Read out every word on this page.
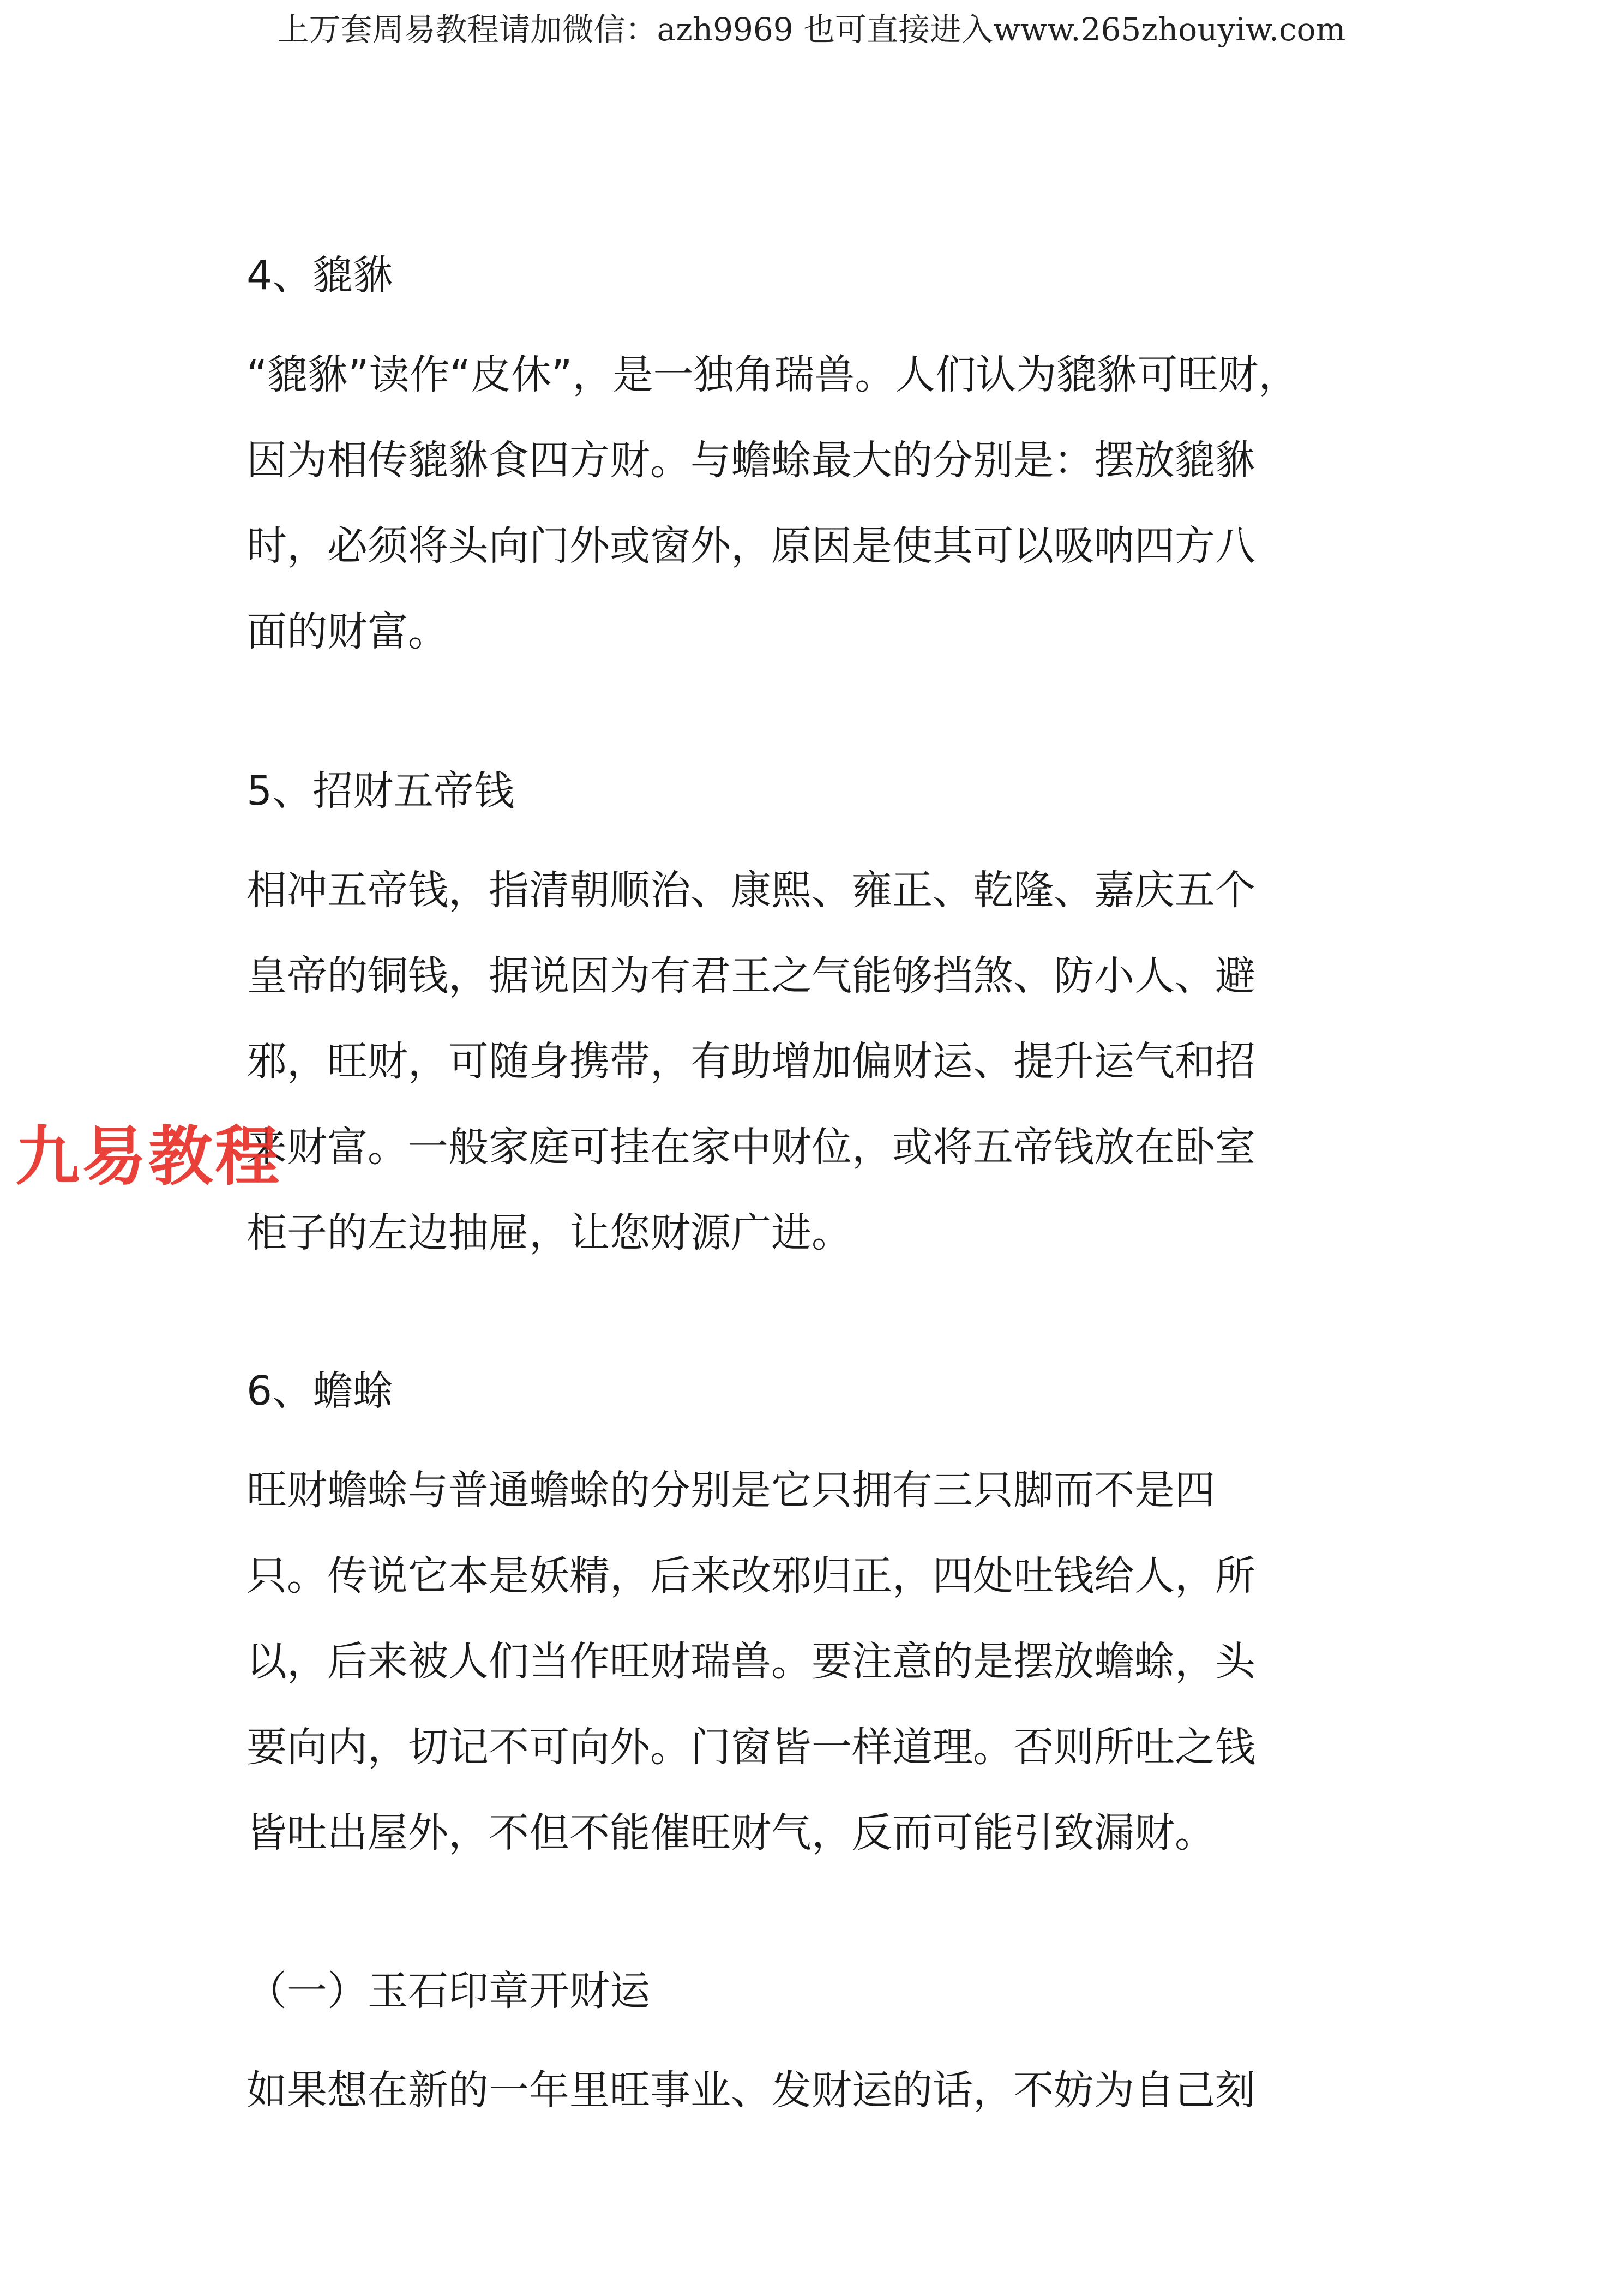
上万套周易教程请加微信：azh9969 也可直接进入www.265zhouyiw.com
4、貔貅

“貔貅”读作“皮休”，是一独角瑞兽。人们认为貔貅可旺财，
因为相传貔貅食四方财。与蟾蜍最大的分别是：摆放貔貅
时，必须将头向门外或窗外，原因是使其可以吸呐四方八
面的财富。

5、招财五帝钱

相冲五帝钱，指清朝顺治、康熙、雍正、乾隆、嘉庆五个
皇帝的铜钱，据说因为有君王之气能够挡煞、防小人、避
邪，旺财，可随身携带，有助增加偏财运、提升运气和招
来财富。一般家庭可挂在家中财位，或将五帝钱放在卧室
柜子的左边抽屉，让您财源广进。

6、蟾蜍

旺财蟾蜍与普通蟾蜍的分别是它只拥有三只脚而不是四
只。传说它本是妖精，后来改邪归正，四处吐钱给人，所
以，后来被人们当作旺财瑞兽。要注意的是摆放蟾蜍，头
要向内，切记不可向外。门窗皆一样道理。否则所吐之钱
皆吐出屋外，不但不能催旺财气，反而可能引致漏财。

（一）玉石印章开财运

如果想在新的一年里旺事业、发财运的话，不妨为自己刻

九易教程
